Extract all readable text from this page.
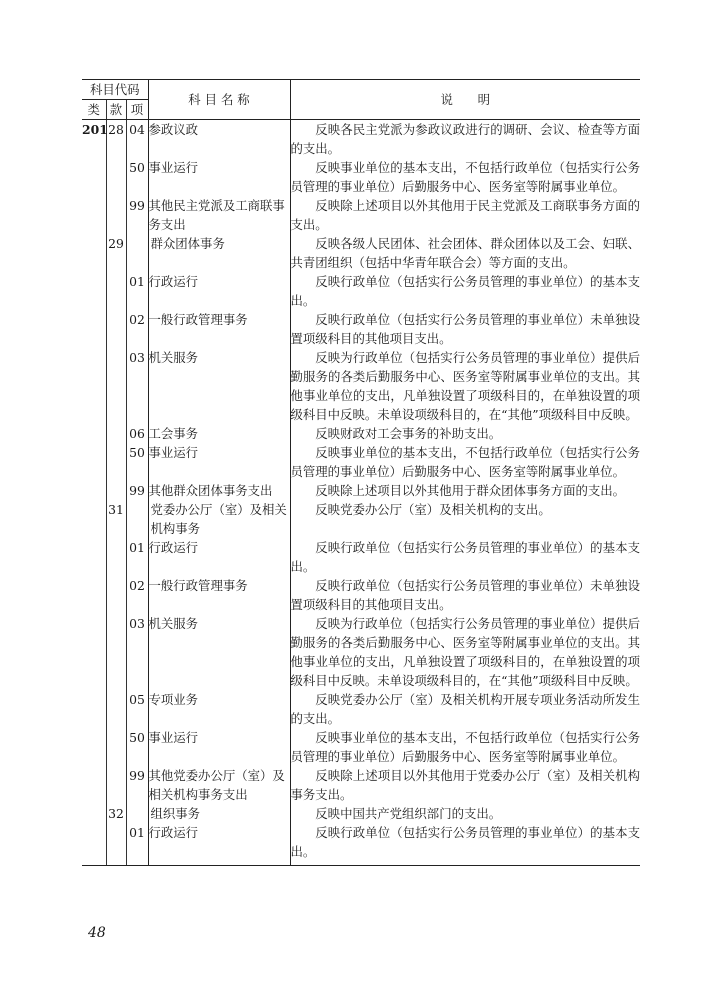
科目代码			科 目 名 称	说　　明
类	款	项		
201	28	04	参政议政	反映各民主党派为参政议政进行的调研、会议、检查等方面的支出。
		50	事业运行	反映事业单位的基本支出，不包括行政单位（包括实行公务员管理的事业单位）后勤服务中心、医务室等附属事业单位。
		99	其他民主党派及工商联事务支出	反映除上述项目以外其他用于民主党派及工商联事务方面的支出。
	29		群众团体事务	反映各级人民团体、社会团体、群众团体以及工会、妇联、共青团组织（包括中华青年联合会）等方面的支出。
		01	行政运行	反映行政单位（包括实行公务员管理的事业单位）的基本支出。
		02	一般行政管理事务	反映行政单位（包括实行公务员管理的事业单位）未单独设置项级科目的其他项目支出。
		03	机关服务	反映为行政单位（包括实行公务员管理的事业单位）提供后勤服务的各类后勤服务中心、医务室等附属事业单位的支出。其他事业单位的支出，凡单独设置了项级科目的，在单独设置的项级科目中反映。未单设项级科目的，在“其他”项级科目中反映。
		06	工会事务	反映财政对工会事务的补助支出。
		50	事业运行	反映事业单位的基本支出，不包括行政单位（包括实行公务员管理的事业单位）后勤服务中心、医务室等附属事业单位。
		99	其他群众团体事务支出	反映除上述项目以外其他用于群众团体事务方面的支出。
	31		党委办公厅（室）及相关机构事务	反映党委办公厅（室）及相关机构的支出。
		01	行政运行	反映行政单位（包括实行公务员管理的事业单位）的基本支出。
		02	一般行政管理事务	反映行政单位（包括实行公务员管理的事业单位）未单独设置项级科目的其他项目支出。
		03	机关服务	反映为行政单位（包括实行公务员管理的事业单位）提供后勤服务的各类后勤服务中心、医务室等附属事业单位的支出。其他事业单位的支出，凡单独设置了项级科目的，在单独设置的项级科目中反映。未单设项级科目的，在“其他”项级科目中反映。
		05	专项业务	反映党委办公厅（室）及相关机构开展专项业务活动所发生的支出。
		50	事业运行	反映事业单位的基本支出，不包括行政单位（包括实行公务员管理的事业单位）后勤服务中心、医务室等附属事业单位。
		99	其他党委办公厅（室）及相关机构事务支出	反映除上述项目以外其他用于党委办公厅（室）及相关机构事务支出。
	32		组织事务	反映中国共产党组织部门的支出。
		01	行政运行	反映行政单位（包括实行公务员管理的事业单位）的基本支出。
48
